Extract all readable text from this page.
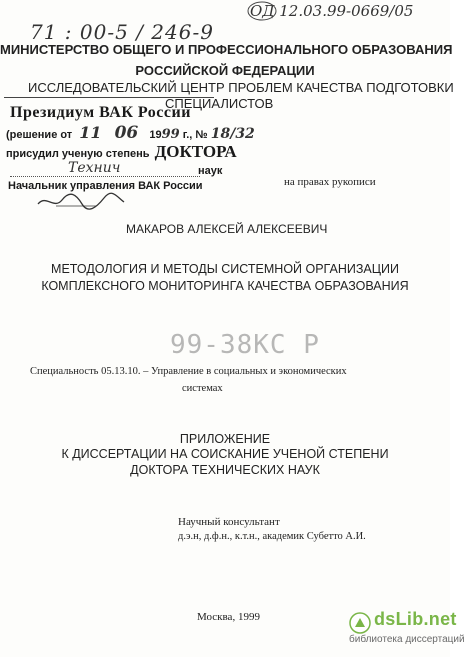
71 : 00-5 / 246-9
ОД 12.03.99-0669/05
МИНИСТЕРСТВО ОБЩЕГО И ПРОФЕССИОНАЛЬНОГО ОБРАЗОВАНИЯ
РОССИЙСКОЙ ФЕДЕРАЦИИ
ИССЛЕДОВАТЕЛЬСКИЙ ЦЕНТР ПРОБЛЕМ КАЧЕСТВА ПОДГОТОВКИ
СПЕЦИАЛИСТОВ
Президиум ВАК России
(решение от 11 06 1999 г., № 18/32
присудил ученую степень ДОКТОРА
Технич	наук
Начальник управления ВАК России	на правах рукописи
МАКАРОВ АЛЕКСЕЙ АЛЕКСЕЕВИЧ
МЕТОДОЛОГИЯ И МЕТОДЫ СИСТЕМНОЙ ОРГАНИЗАЦИИ
КОМПЛЕКСНОГО МОНИТОРИНГА КАЧЕСТВА ОБРАЗОВАНИЯ
99-38КС Р
Специальность 05.13.10. – Управление в социальных и экономических
системах
ПРИЛОЖЕНИЕ
К ДИССЕРТАЦИИ НА СОИСКАНИЕ УЧЕНОЙ СТЕПЕНИ
ДОКТОРА ТЕХНИЧЕСКИХ НАУК
Научный консультант
д.э.н, д.ф.н., к.т.н., академик Субетто А.И.
Москва, 1999	dsLib.net
библиотека диссертаций
